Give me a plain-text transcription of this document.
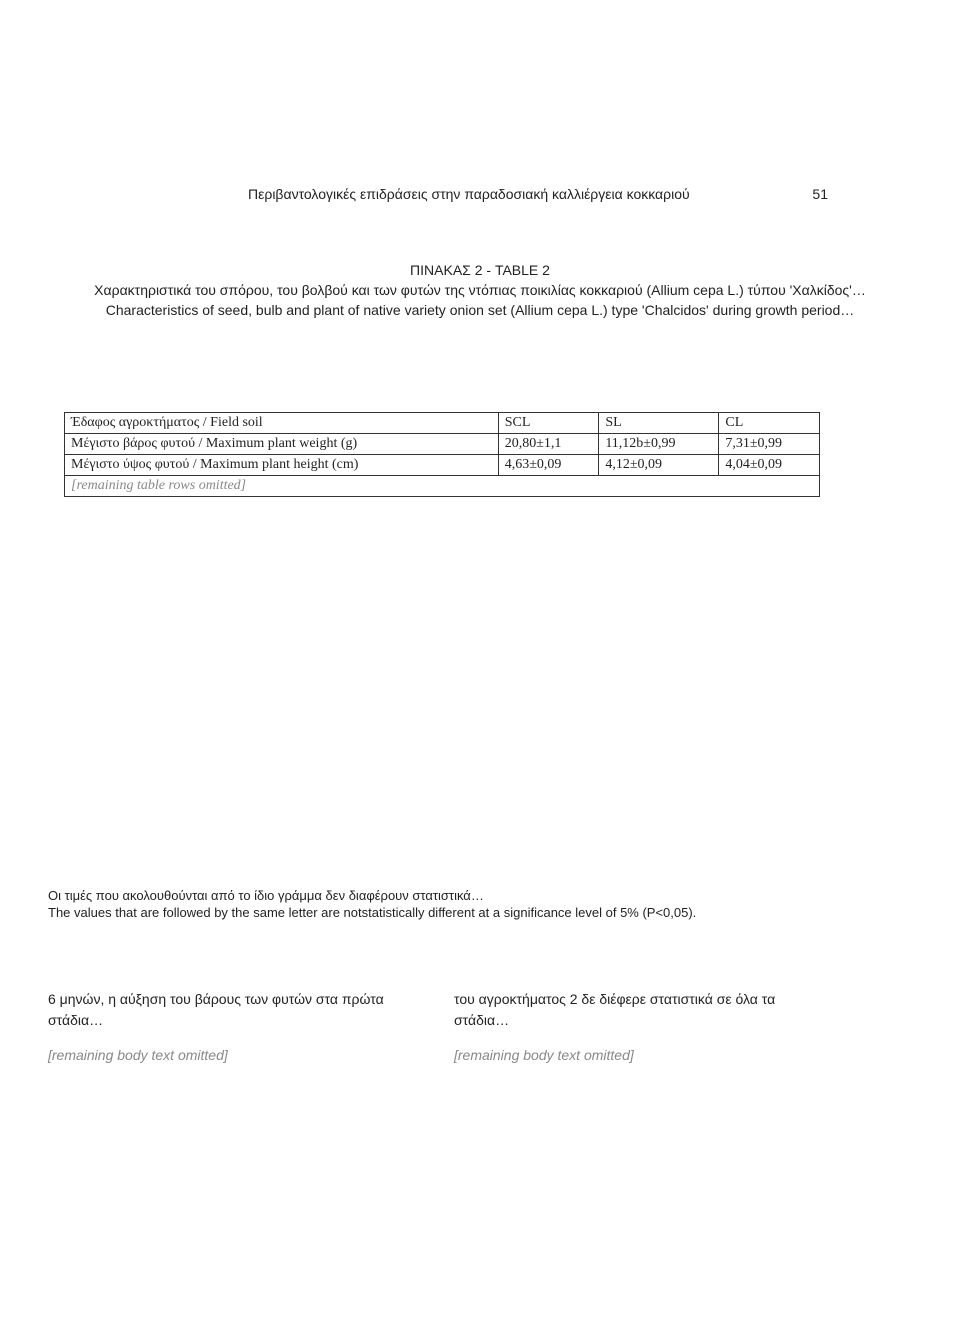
Περιβαντολογικές επιδράσεις στην παραδοσιακή καλλιέργεια κοκκαριού	51

ΠΙΝΑΚΑΣ 2 - TABLE 2

Χαρακτηριστικά του σπόρου, του βολβού και των φυτών της ντόπιας ποικιλίας κοκκαριού (Allium cepa L.) τύπου 'Χαλκίδος'…

Characteristics of seed, bulb and plant of native variety onion set (Allium cepa L.) type 'Chalcidos' during growth period…

Έδαφος αγροκτήματος / Field soil	SCL	SL	CL
Μέγιστο βάρος φυτού / Maximum plant weight (g)	20,80±1,1	11,12b±0,99	7,31±0,99
Μέγιστο ύψος φυτού / Maximum plant height (cm)	4,63±0,09	4,12±0,09	4,04±0,09
[remaining table rows omitted]			

Οι τιμές που ακολουθούνται από το ίδιο γράμμα δεν διαφέρουν στατιστικά…

The values that are followed by the same letter are notstatistically different at a significance level of 5% (P<0,05).

6 μηνών, η αύξηση του βάρους των φυτών στα πρώτα στάδια…

[remaining body text omitted]

του αγροκτήματος 2 δε διέφερε στατιστικά σε όλα τα στάδια…

[remaining body text omitted]
